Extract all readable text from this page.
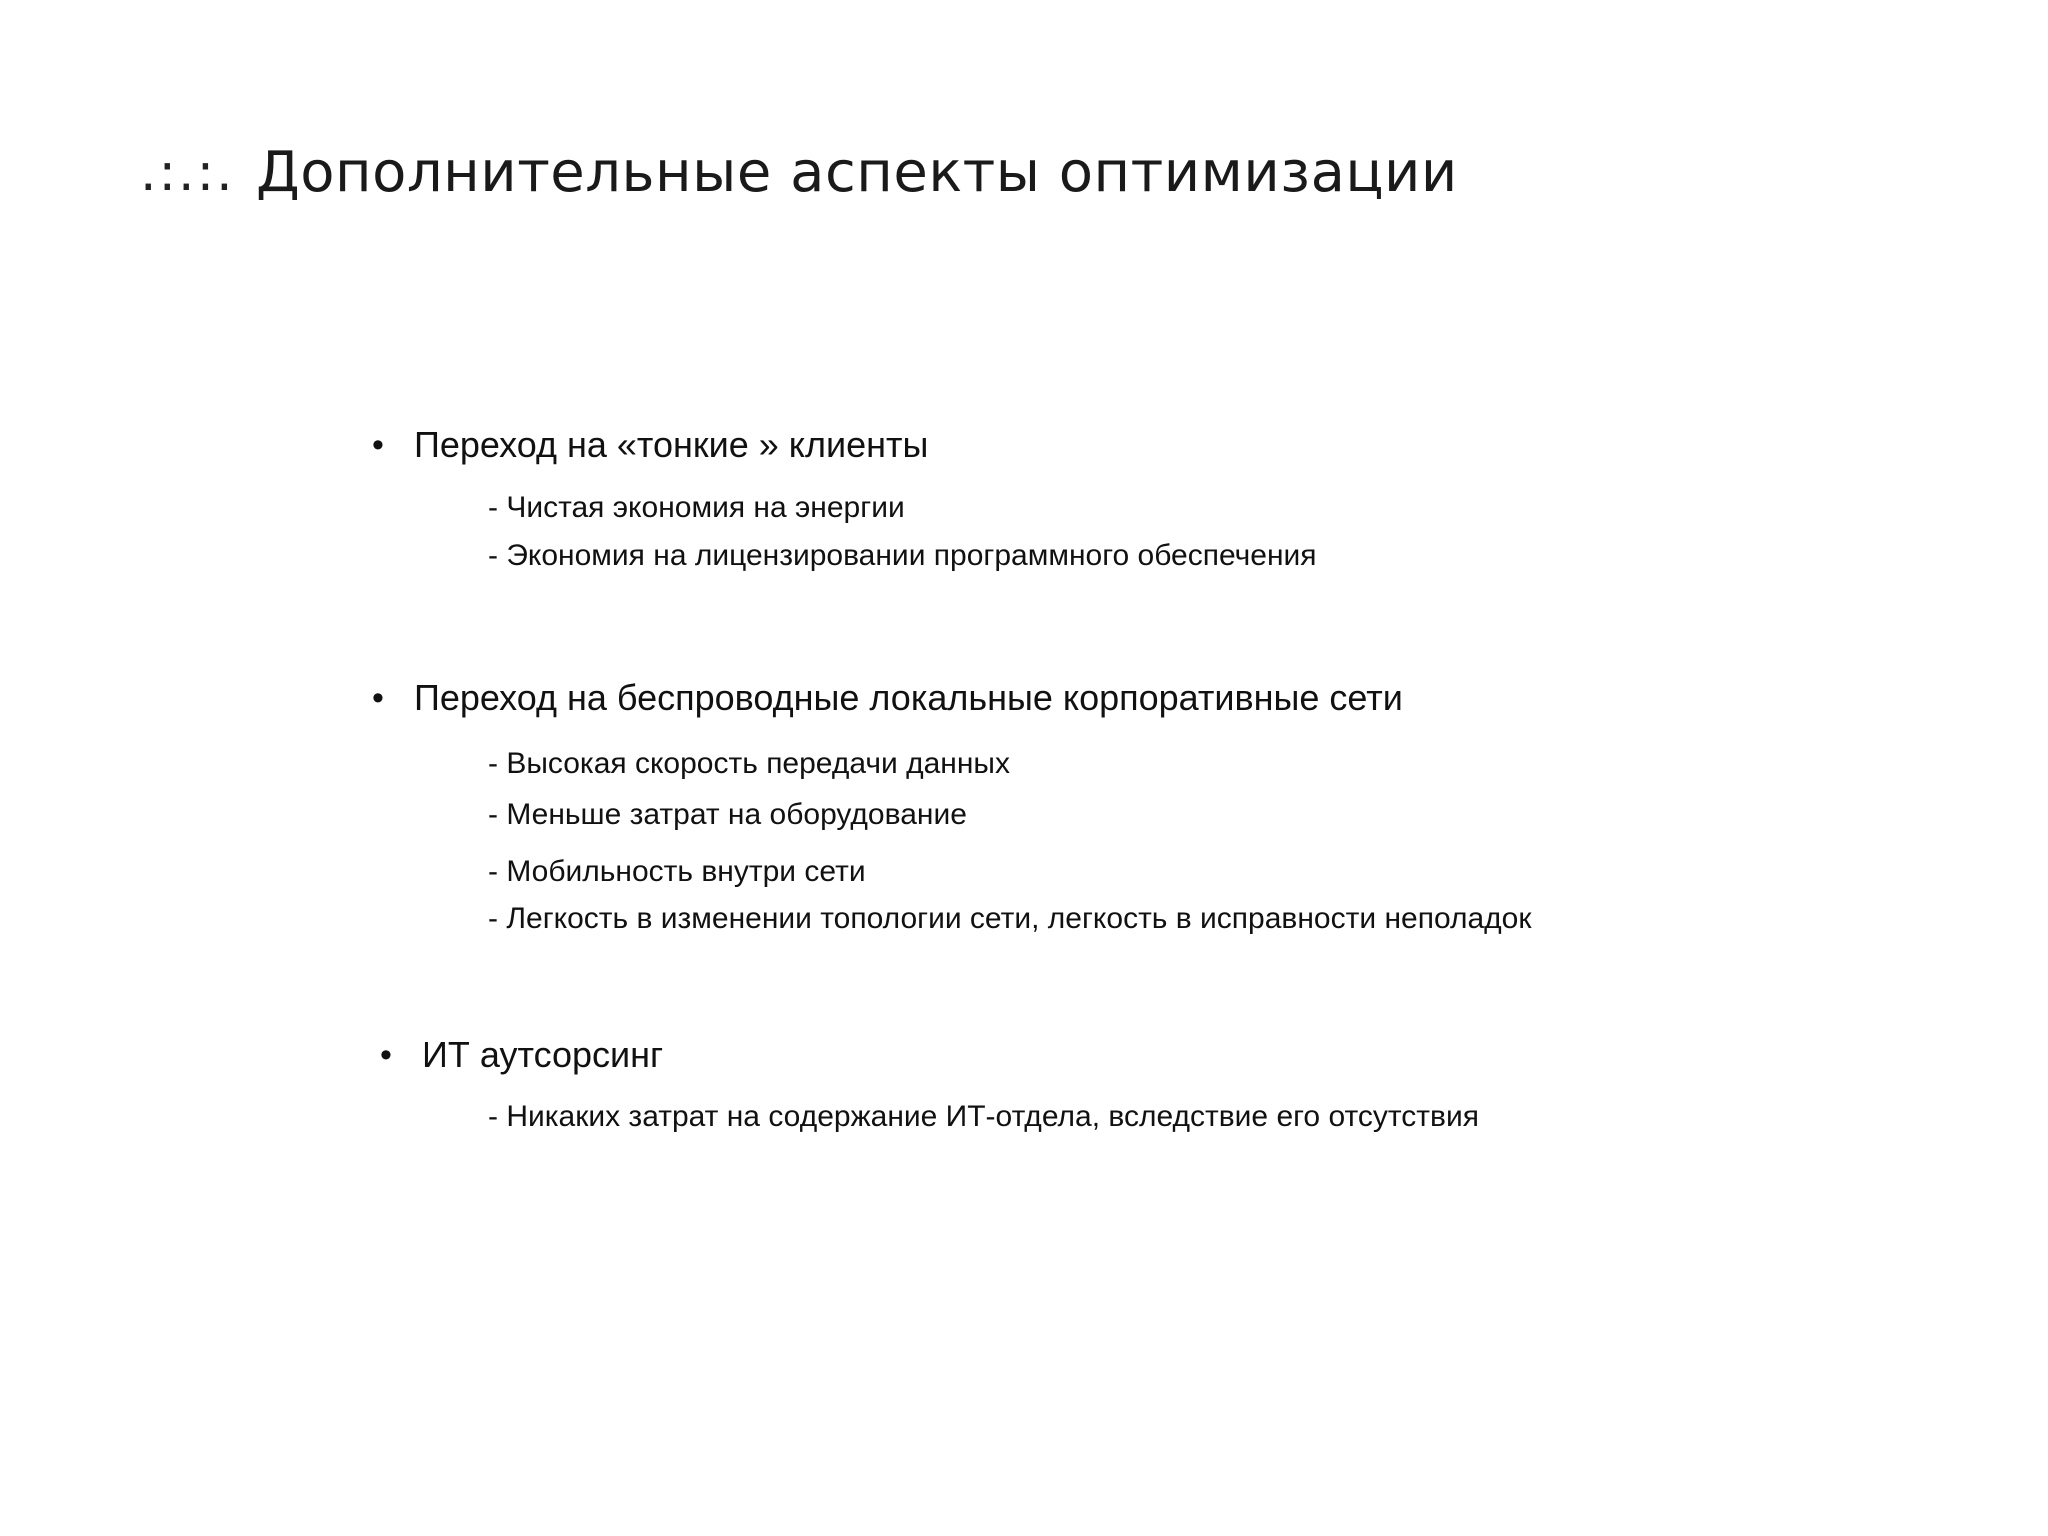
.:.:. Дополнительные аспекты оптимизации
• Переход на «тонкие » клиенты
- Чистая экономия на энергии
- Экономия на лицензировании программного обеспечения
• Переход на беспроводные локальные корпоративные сети
- Высокая скорость передачи данных
- Меньше затрат на оборудование
- Мобильность внутри сети
- Легкость в изменении топологии сети, легкость в исправности неполадок
• ИТ аутсорсинг
- Никаких затрат на содержание ИТ-отдела, вследствие его отсутствия
